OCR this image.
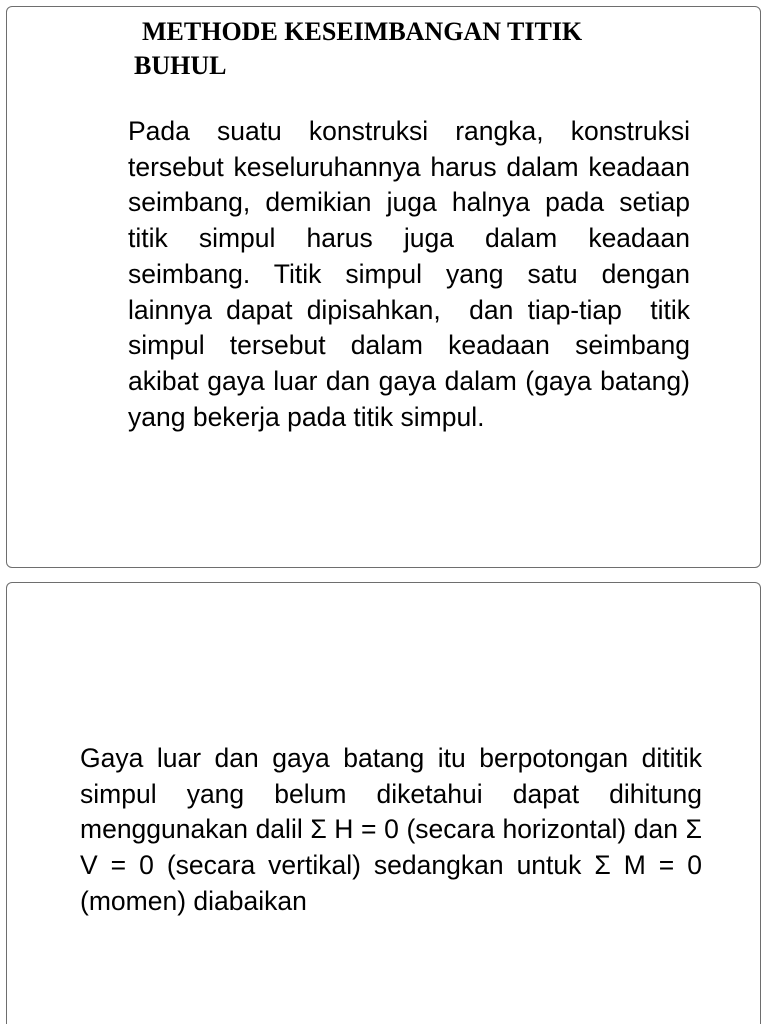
METHODE KESEIMBANGAN TITIK BUHUL

Pada suatu konstruksi rangka, konstruksi tersebut keseluruhannya harus dalam keadaan seimbang, demikian juga halnya pada setiap titik simpul harus juga dalam keadaan seimbang. Titik simpul yang satu dengan lainnya dapat dipisahkan,  dan tiap-tiap  titik simpul tersebut dalam keadaan seimbang akibat gaya luar dan gaya dalam (gaya batang) yang bekerja pada titik simpul.

Gaya luar dan gaya batang itu berpotongan dititik simpul yang belum diketahui dapat dihitung menggunakan dalil Σ H = 0 (secara horizontal) dan Σ V = 0 (secara vertikal) sedangkan untuk Σ M = 0 (momen) diabaikan
